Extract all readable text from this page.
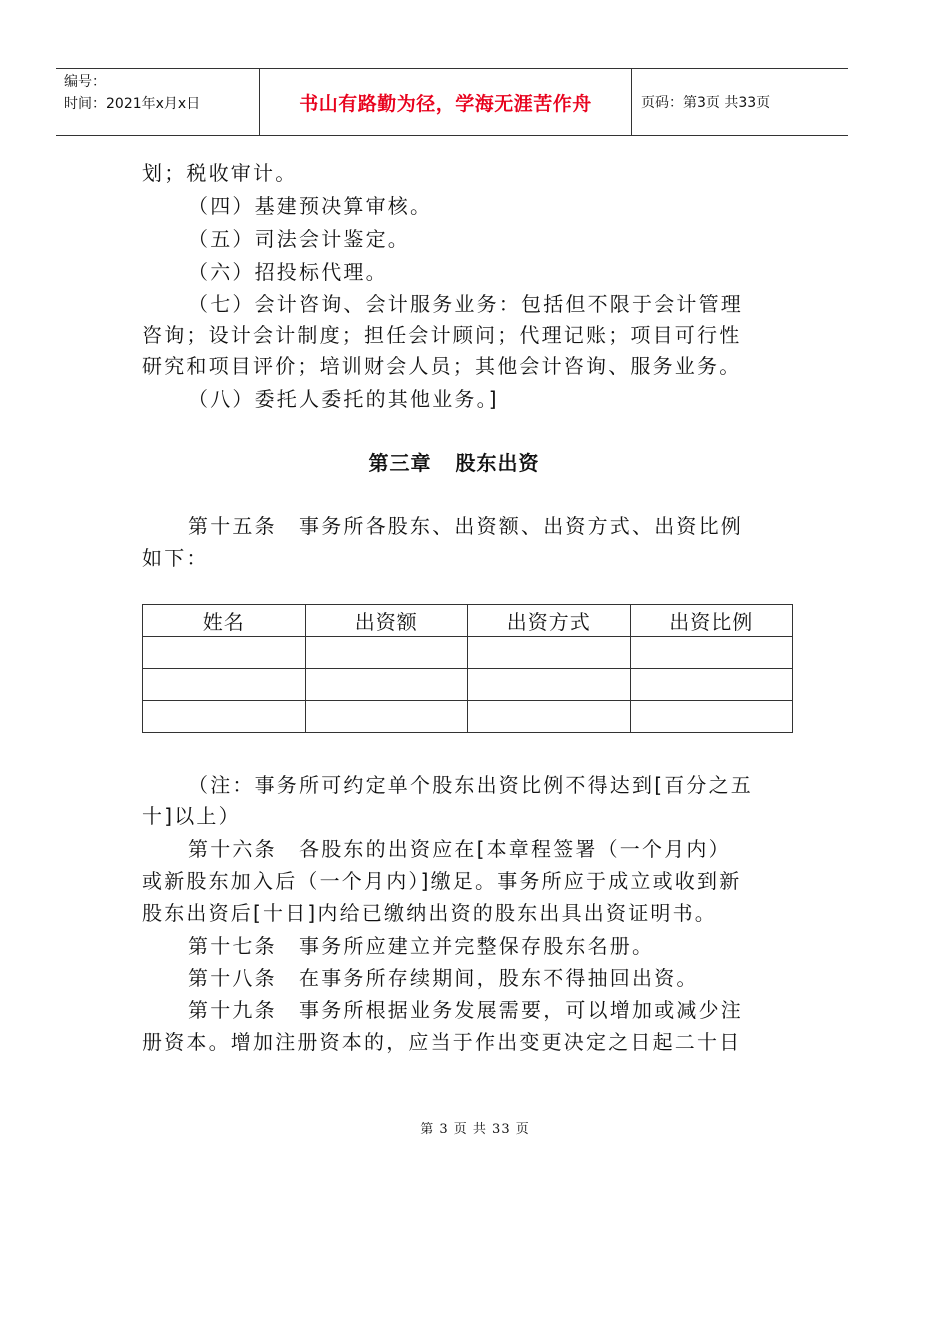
编号：
时间：2021年x月x日	书山有路勤为径，学海无涯苦作舟	页码：第3页 共33页

划；税收审计。

（四）基建预决算审核。

（五）司法会计鉴定。

（六）招投标代理。

（七）会计咨询、会计服务业务：包括但不限于会计管理

咨询；设计会计制度；担任会计顾问；代理记账；项目可行性

研究和项目评价；培训财会人员；其他会计咨询、服务业务。

（八）委托人委托的其他业务。]

第三章 股东出资

第十五条　事务所各股东、出资额、出资方式、出资比例

如下：

姓名	出资额	出资方式	出资比例

（注：事务所可约定单个股东出资比例不得达到[百分之五

十]以上）

第十六条　各股东的出资应在[本章程签署（一个月内）

或新股东加入后（一个月内）]缴足。事务所应于成立或收到新

股东出资后[十日]内给已缴纳出资的股东出具出资证明书。

第十七条　事务所应建立并完整保存股东名册。

第十八条　在事务所存续期间，股东不得抽回出资。

第十九条　事务所根据业务发展需要，可以增加或减少注

册资本。增加注册资本的，应当于作出变更决定之日起二十日

第 3 页 共 33 页
